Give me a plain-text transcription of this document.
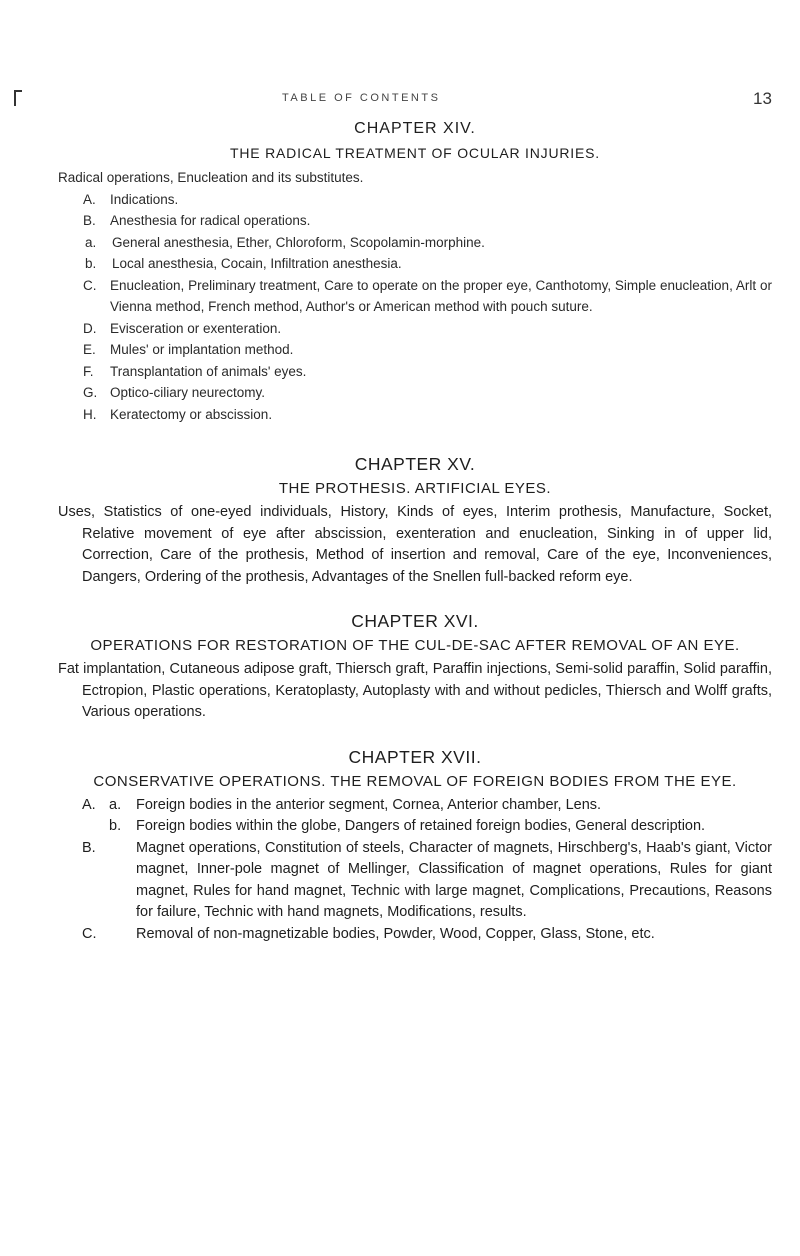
TABLE OF CONTENTS	13
CHAPTER XIV.
THE RADICAL TREATMENT OF OCULAR INJURIES.

Radical operations, Enucleation and its substitutes.

A. Indications.

B. Anesthesia for radical operations.

a. General anesthesia, Ether, Chloroform, Scopolamin-morphine.

b. Local anesthesia, Cocain, Infiltration anesthesia.

C. Enucleation, Preliminary treatment, Care to operate on the proper eye, Canthotomy, Simple enucleation, Arlt or Vienna method, French method, Author's or American method with pouch suture.

D. Evisceration or exenteration.

E. Mules' or implantation method.

F. Transplantation of animals' eyes.

G. Optico-ciliary neurectomy.

H. Keratectomy or abscission.

CHAPTER XV.
THE PROTHESIS. ARTIFICIAL EYES.

Uses, Statistics of one-eyed individuals, History, Kinds of eyes, Interim prothesis, Manufacture, Socket, Relative movement of eye after abscission, exenteration and enucleation, Sinking in of upper lid, Correction, Care of the prothesis, Method of insertion and removal, Care of the eye, Inconveniences, Dangers, Ordering of the prothesis, Advantages of the Snellen full-backed reform eye.

CHAPTER XVI.
OPERATIONS FOR RESTORATION OF THE CUL-DE-SAC AFTER REMOVAL OF AN EYE.

Fat implantation, Cutaneous adipose graft, Thiersch graft, Paraffin injections, Semi-solid paraffin, Solid paraffin, Ectropion, Plastic operations, Keratoplasty, Autoplasty with and without pedicles, Thiersch and Wolff grafts, Various operations.

CHAPTER XVII.
CONSERVATIVE OPERATIONS. THE REMOVAL OF FOREIGN BODIES FROM THE EYE.

A. a. Foreign bodies in the anterior segment, Cornea, Anterior chamber, Lens.

b. Foreign bodies within the globe, Dangers of retained foreign bodies, General description.

B.	Magnet operations, Constitution of steels, Character of magnets, Hirschberg's, Haab's giant, Victor magnet, Inner-pole magnet of Mellinger, Classification of magnet operations, Rules for giant magnet, Rules for hand magnet, Technic with large magnet, Complications, Precautions, Reasons for failure, Technic with hand magnets, Modifications, results.

C.	Removal of non-magnetizable bodies, Powder, Wood, Copper, Glass, Stone, etc.
